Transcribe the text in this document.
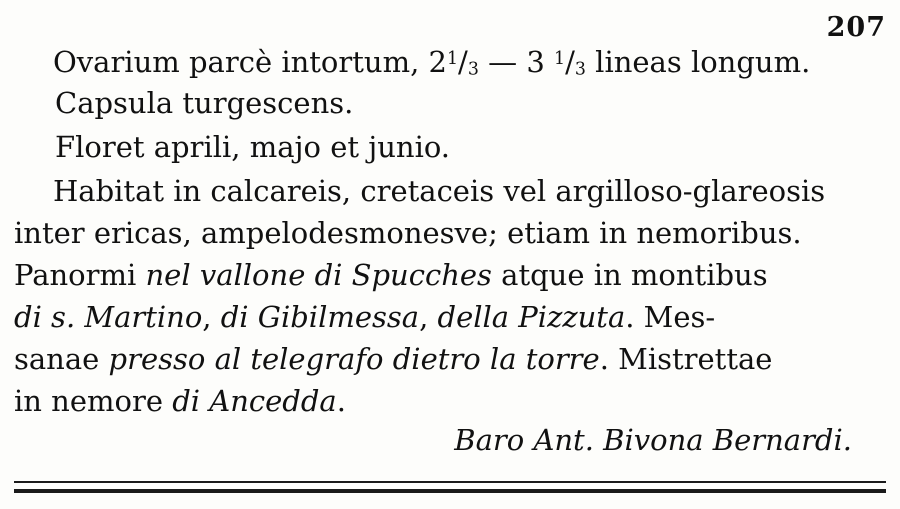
207
Ovarium parcè intortum, $2^1/_3$ — 3 $^1/_3$ lineas longum.
Capsula turgescens.
Floret aprili, majo et junio.
Habitat in calcareis, cretaceis vel argilloso-glareosis
inter ericas, ampelodesmonesve; etiam in nemoribus.
Panormi nel vallone di Spucches atque in montibus
di s. Martino, di Gibilmessa, della Pizzuta. Mes-
sanae presso al telegrafo dietro la torre. Mistrettae
in nemore di Ancedda.
Baro Ant. Bivona Bernardi.
